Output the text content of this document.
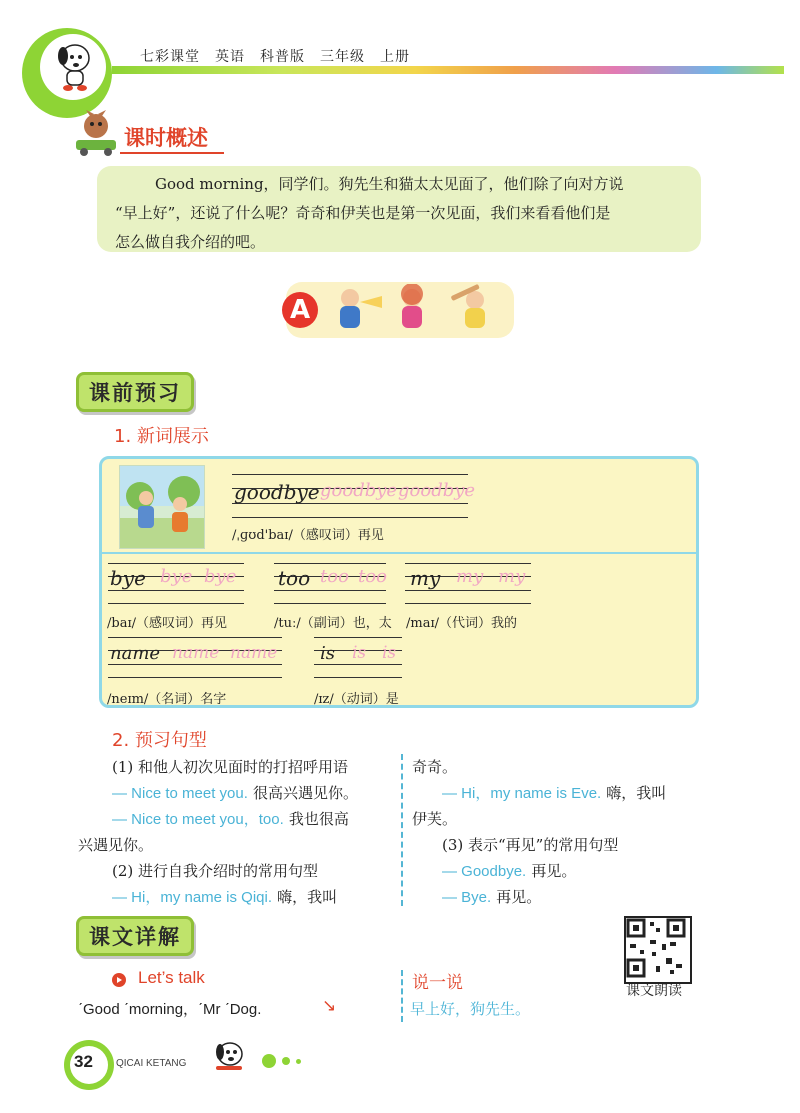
七彩课堂　英语　科普版　三年级　上册
课时概述

Good morning，同学们。狗先生和猫太太见面了，他们除了向对方说

“早上好”，还说了什么呢？奇奇和伊芙也是第一次见面，我们来看看他们是
怎么做自我介绍的吧。
A
课前预习
1. 新词展示
goodbye goodbye goodbye
/ˌɡʊd'baɪ/（感叹词）再见
bye bye bye
/baɪ/（感叹词）再见
too too too
/tuː/（副词）也，太
my my my
/maɪ/（代词）我的
name name name
/neɪm/（名词）名字
is is is
/ɪz/（动词）是
2. 预习句型
(1) 和他人初次见面时的打招呼用语
— Nice to meet you. 很高兴遇见你。
— Nice to meet you，too. 我也很高
兴遇见你。
(2) 进行自我介绍时的常用句型
— Hi，my name is Qiqi. 嗨，我叫
奇奇。
— Hi，my name is Eve. 嗨，我叫
伊芙。
(3) 表示“再见”的常用句型
— Goodbye. 再见。
— Bye. 再见。
课文详解
课文朗读
Let’s talk	说一说
ˊGood ˊmorning，ˊMr ˊDog.	↘	早上好，狗先生。
32 QICAI KETANG
